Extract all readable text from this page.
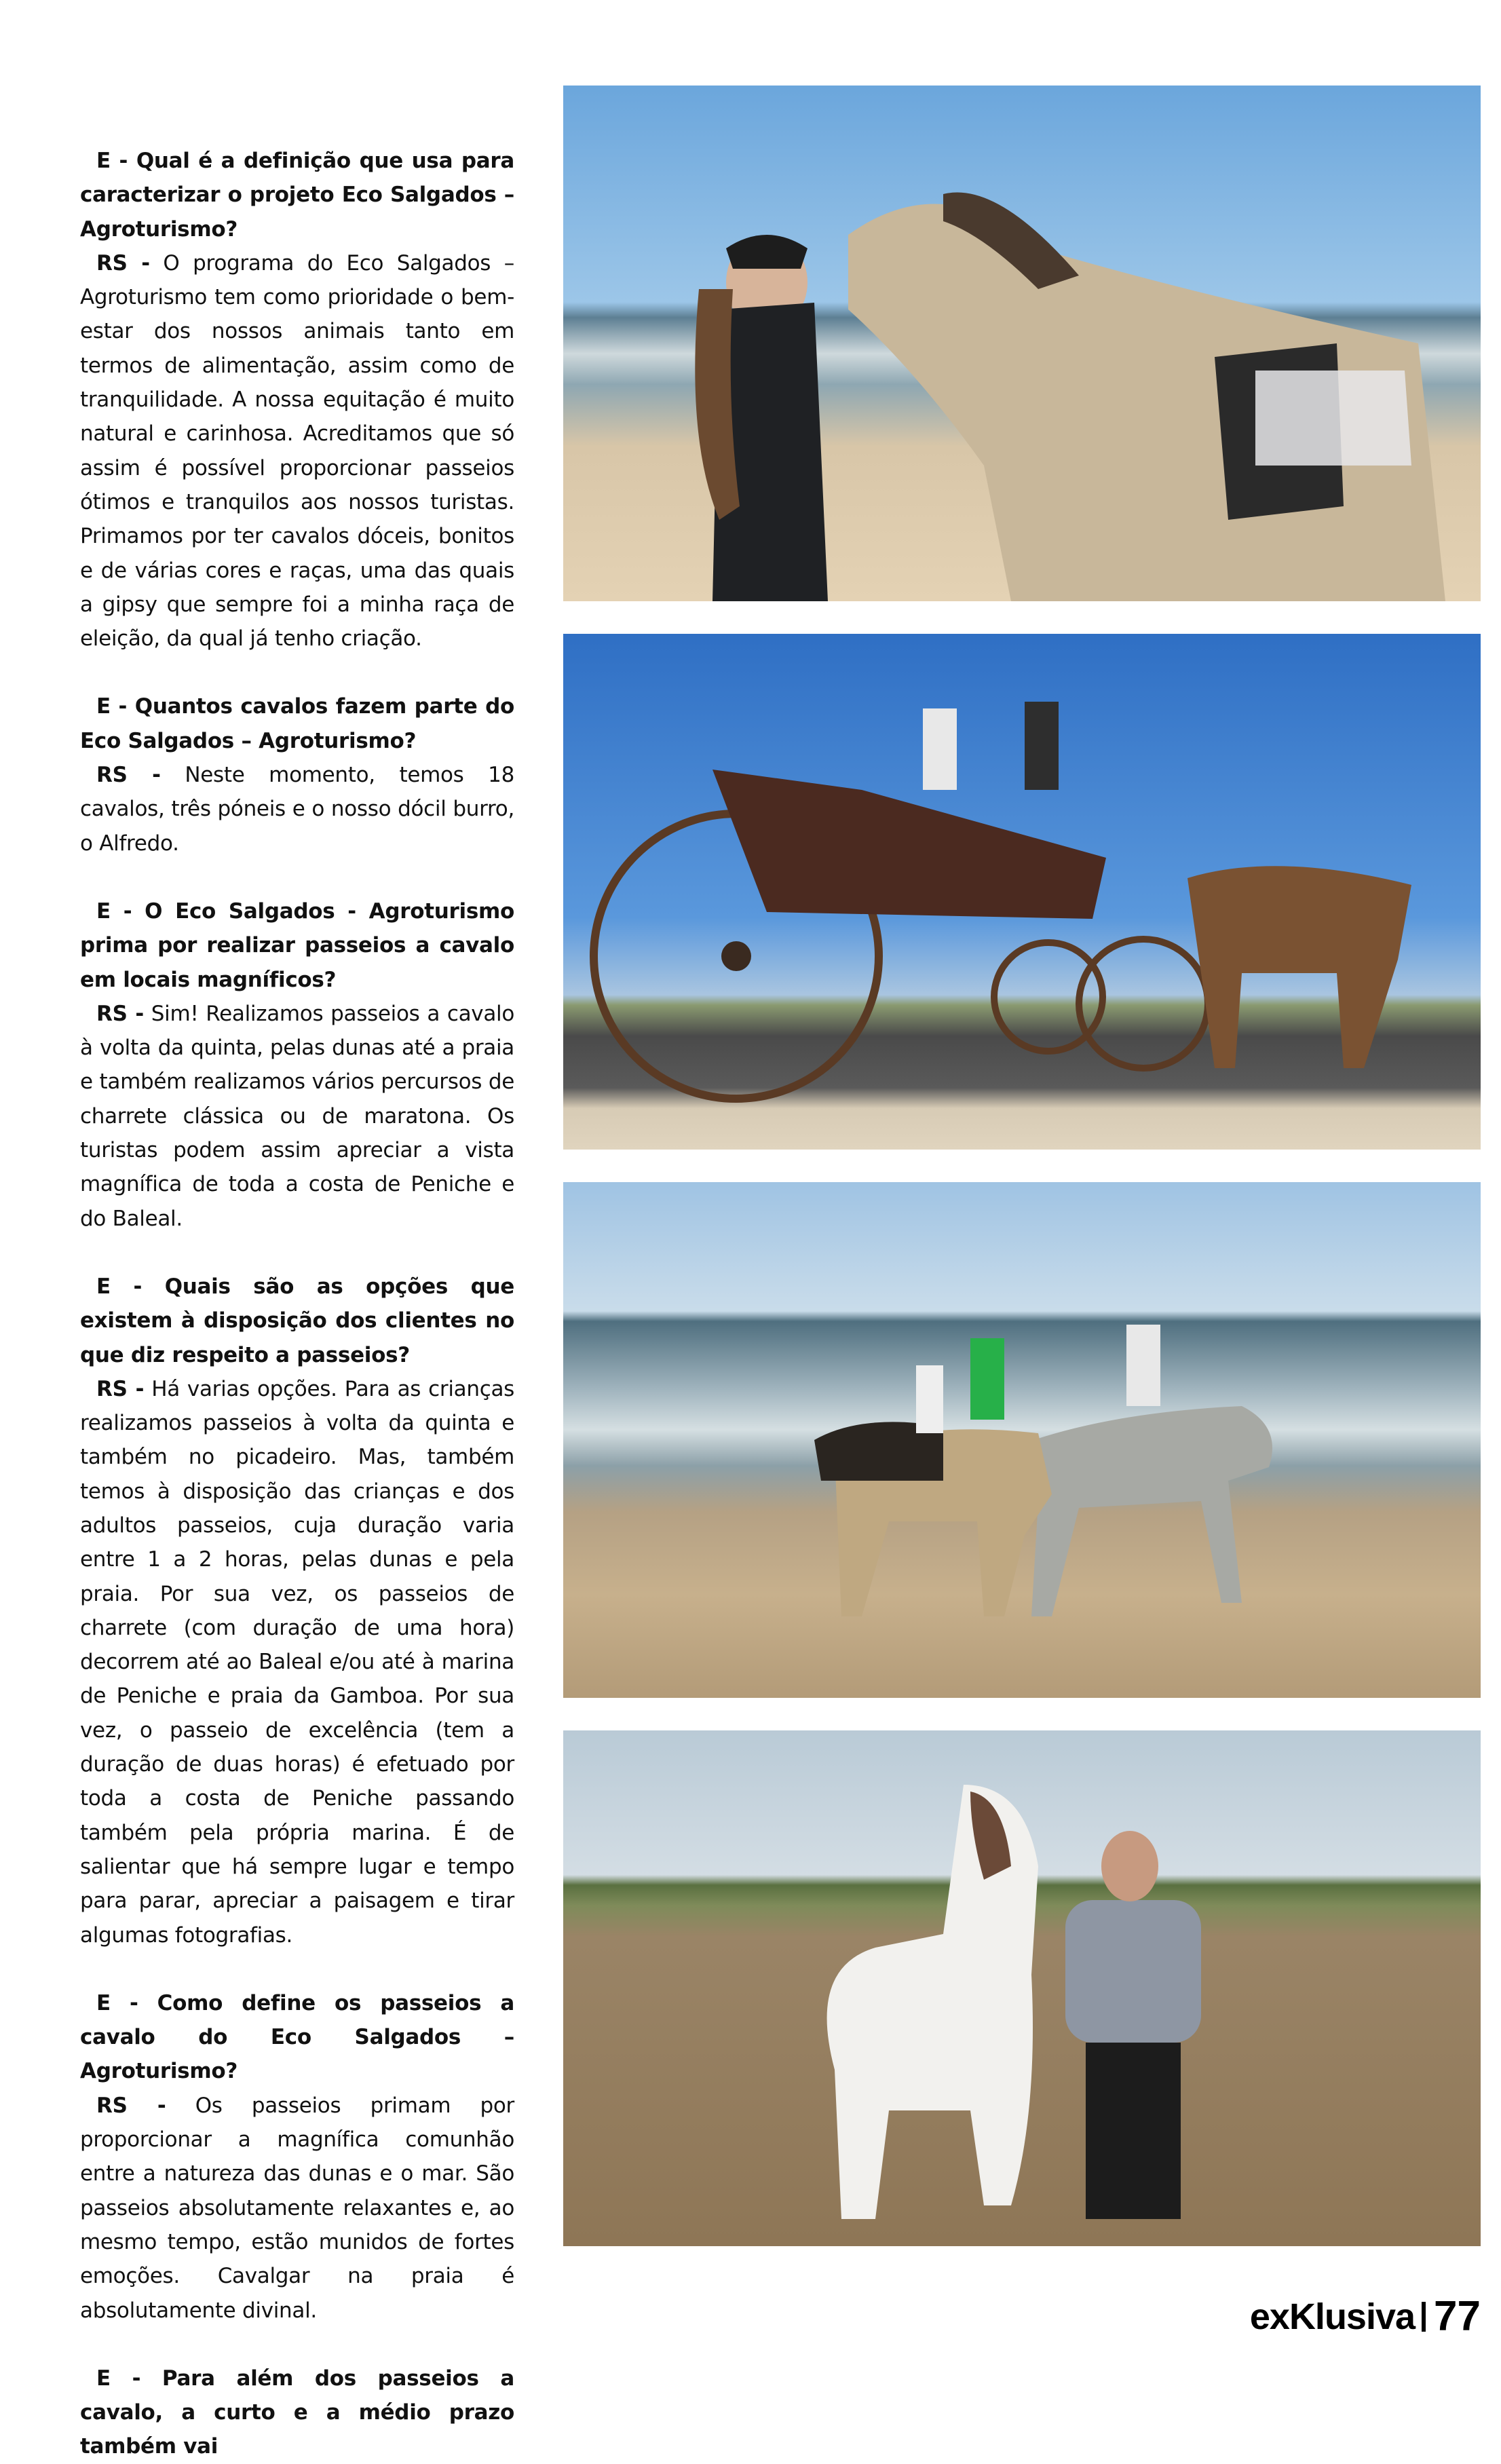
E - Qual é a definição que usa para caracterizar o projeto Eco Salgados – Agroturismo?

RS - O programa do Eco Salgados – Agroturismo tem como prioridade o bem-estar dos nossos animais tanto em termos de alimentação, assim como de tranquilidade. A nossa equitação é muito natural e carinhosa. Acreditamos que só assim é possível proporcionar passeios ótimos e tranquilos aos nossos turistas. Primamos por ter cavalos dóceis, bonitos e de várias cores e raças, uma das quais a gipsy que sempre foi a minha raça de eleição, da qual já tenho criação.

E - Quantos cavalos fazem parte do Eco Salgados – Agroturismo?

RS - Neste momento, temos 18 cavalos, três póneis e o nosso dócil burro, o Alfredo.

E - O Eco Salgados - Agroturismo prima por realizar passeios a cavalo em locais magníficos?

RS - Sim! Realizamos passeios a cavalo à volta da quinta, pelas dunas até a praia e também realizamos vários percursos de charrete clássica ou de maratona. Os turistas podem assim apreciar a vista magnífica de toda a costa de Peniche e do Baleal.

E - Quais são as opções que existem à disposição dos clientes no que diz respeito a passeios?

RS - Há varias opções. Para as crianças realizamos passeios à volta da quinta e também no picadeiro. Mas, também temos à disposição das crianças e dos adultos passeios, cuja duração varia entre 1 a 2 horas, pelas dunas e pela praia. Por sua vez, os passeios de charrete (com duração de uma hora) decorrem até ao Baleal e/ou até à marina de Peniche e praia da Gamboa. Por sua vez, o passeio de excelência (tem a duração de duas horas) é efetuado por toda a costa de Peniche passando também pela própria marina. É de salientar que há sempre lugar e tempo para parar, apreciar a paisagem e tirar algumas fotografias.

E - Como define os passeios a cavalo do Eco Salgados – Agroturismo?

RS - Os passeios primam por proporcionar a magnífica comunhão entre a natureza das dunas e o mar. São passeios absolutamente relaxantes e, ao mesmo tempo, estão munidos de fortes emoções. Cavalgar na praia é absolutamente divinal.

E - Para além dos passeios a cavalo, a curto e a médio prazo também vai

exKlusiva 77
